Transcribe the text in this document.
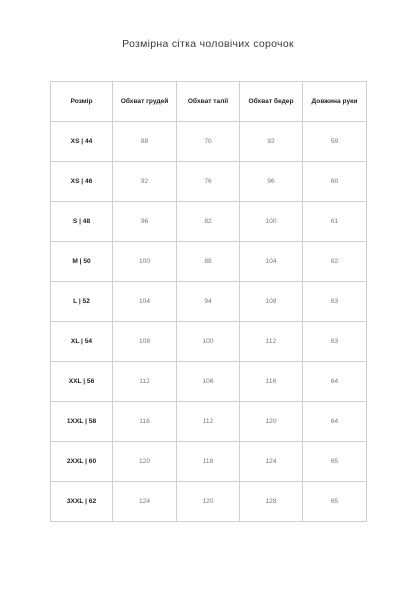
Розмірна сітка чоловічих сорочок
Розмір	Обхват грудей	Обхват талії	Обхват бедер	Довжина руки
XS | 44	88	70	92	59
XS | 46	92	76	96	60
S | 48	96	82	100	61
M | 50	100	88	104	62
L | 52	104	94	108	63
XL | 54	108	100	112	63
XXL | 56	112	106	116	64
1XXL | 58	116	112	120	64
2XXL | 60	120	118	124	65
3XXL | 62	124	120	128	65
